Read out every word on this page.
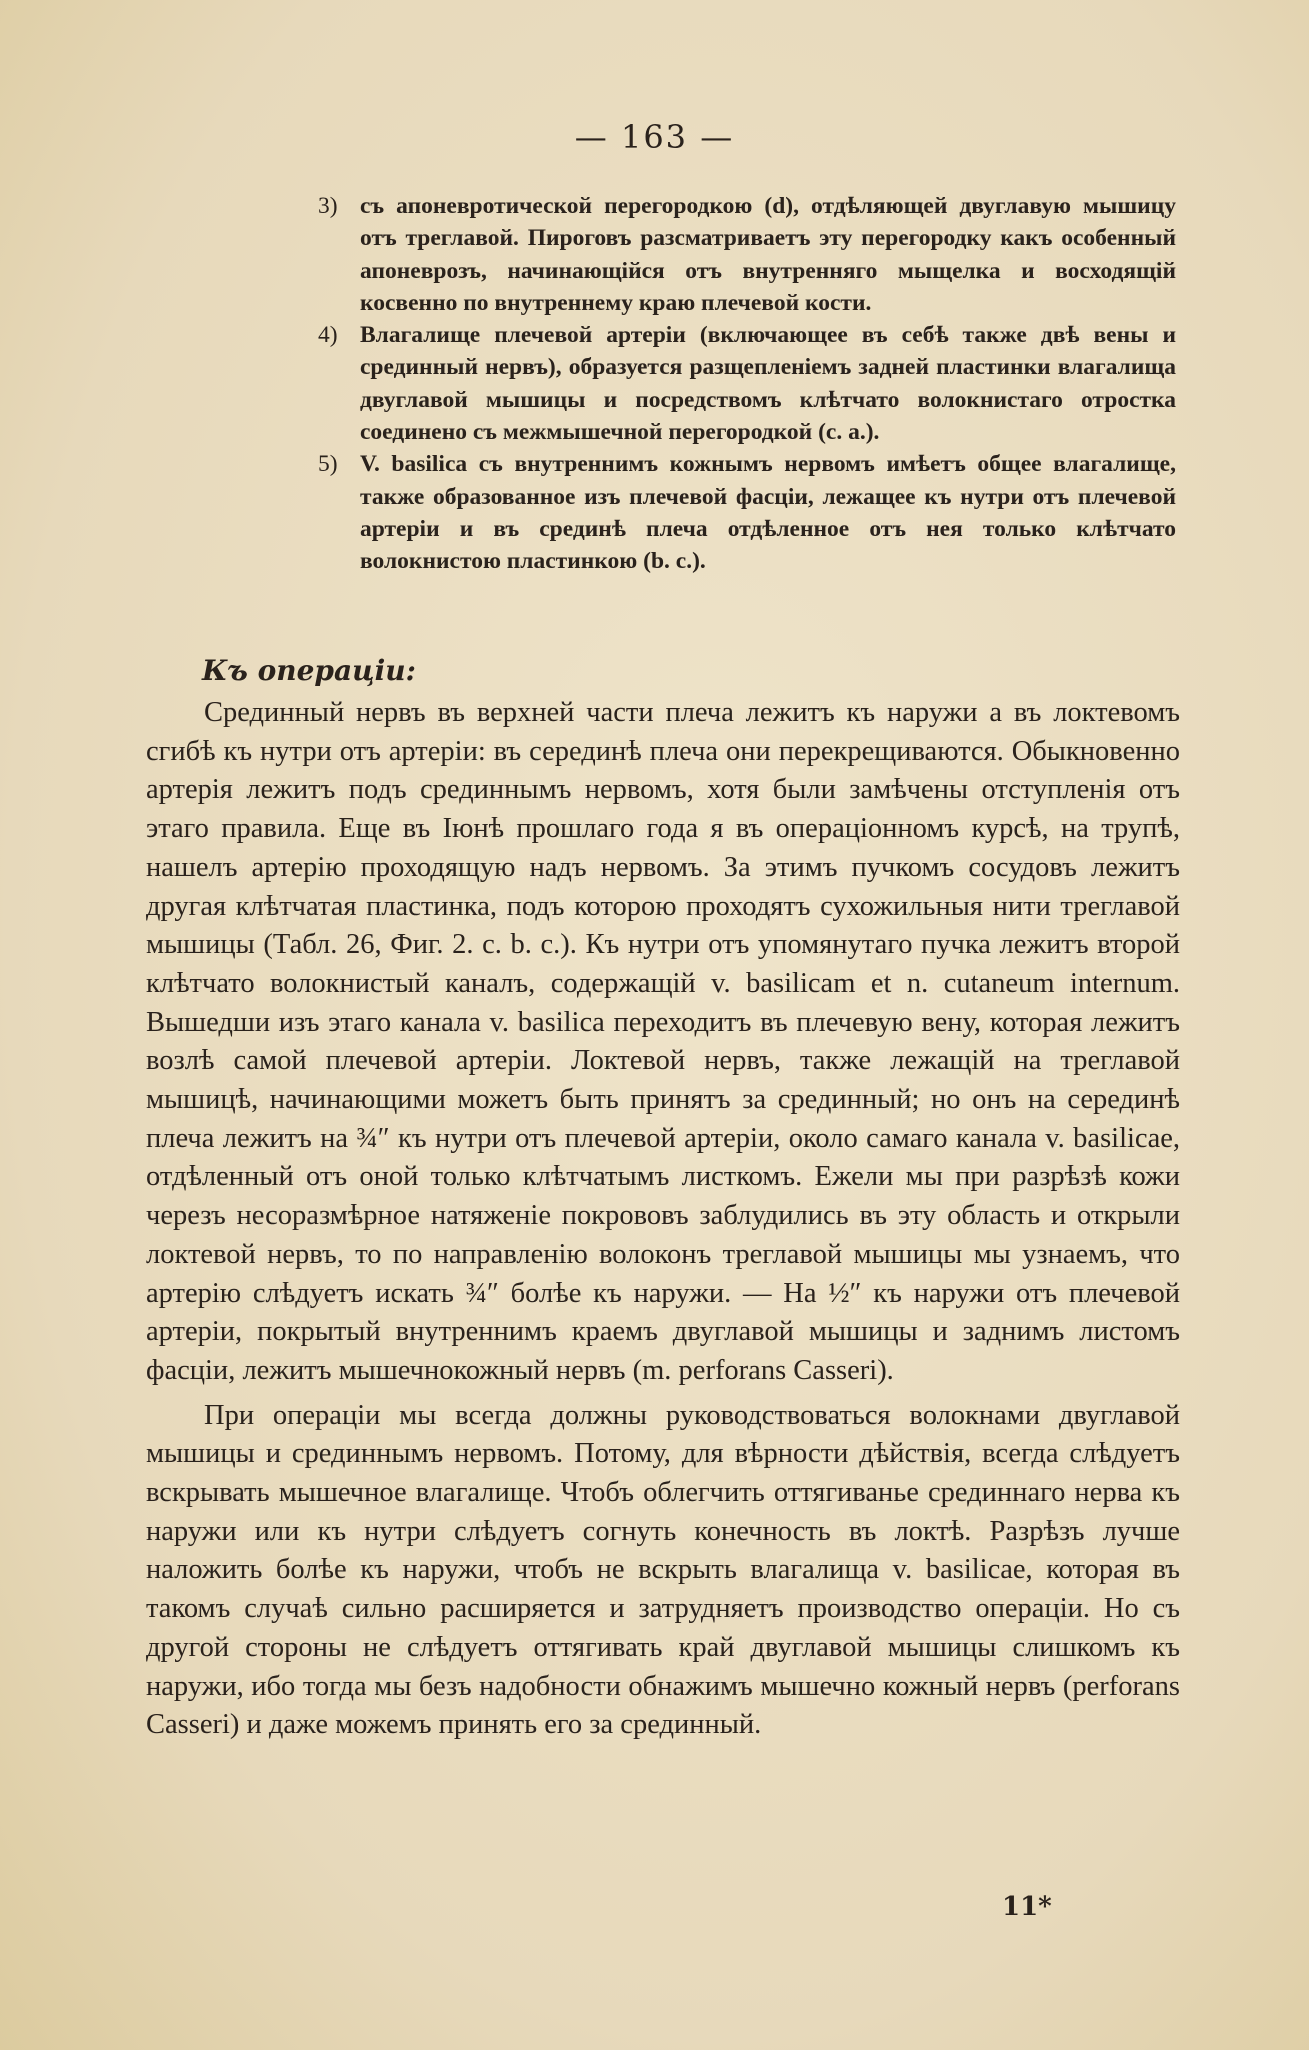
— 163 —
3) съ апоневротической перегородкою (d), отдѣляющей двуглавую мышицу отъ треглавой. Пироговъ разсматриваетъ эту перегородку какъ особенный апоневрозъ, начинающійся отъ внутренняго мыщелка и восходящій косвенно по внутреннему краю плечевой кости.

4) Влагалище плечевой артеріи (включающее въ себѣ также двѣ вены и срединный нервъ), образуется разщепленіемъ задней пластинки влагалища двуглавой мышицы и посредствомъ клѣтчато волокнистаго отростка соединено съ межмышечной перегородкой (с. а.).

5) V. basilica съ внутреннимъ кожнымъ нервомъ имѣетъ общее влагалище, также образованное изъ плечевой фасціи, лежащее къ нутри отъ плечевой артеріи и въ срединѣ плеча отдѣленное отъ нея только клѣтчато волокнистою пластинкою (b. c.).

Къ операціи:

Срединный нервъ въ верхней части плеча лежитъ къ наружи а въ локтевомъ сгибѣ къ нутри отъ артеріи: въ серединѣ плеча они перекрещиваются. Обыкновенно артерія лежитъ подъ срединнымъ нервомъ, хотя были замѣчены отступленія отъ этаго правила. Еще въ Іюнѣ прошлаго года я въ операціонномъ курсѣ, на трупѣ, нашелъ артерію проходящую надъ нервомъ. За этимъ пучкомъ сосудовъ лежитъ другая клѣтчатая пластинка, подъ которою проходятъ сухожильныя нити треглавой мышицы (Табл. 26, Фиг. 2. с. b. c.). Къ нутри отъ упомянутаго пучка лежитъ второй клѣтчато волокнистый каналъ, содержащій v. basilicam et n. cutaneum internum. Вышедши изъ этаго канала v. basilica переходитъ въ плечевую вену, которая лежитъ возлѣ самой плечевой артеріи. Локтевой нервъ, также лежащій на треглавой мышицѣ, начинающими можетъ быть принятъ за срединный; но онъ на серединѣ плеча лежитъ на ¾″ къ нутри отъ плечевой артеріи, около самаго канала v. basilicae, отдѣленный отъ оной только клѣтчатымъ листкомъ. Ежели мы при разрѣзѣ кожи черезъ несоразмѣрное натяженіе покрововъ заблудились въ эту область и открыли локтевой нервъ, то по направленію волоконъ треглавой мышицы мы узнаемъ, что артерію слѣдуетъ искать ¾″ болѣе къ наружи. — На ½″ къ наружи отъ плечевой артеріи, покрытый внутреннимъ краемъ двуглавой мышицы и заднимъ листомъ фасціи, лежитъ мышечнокожный нервъ (m. perforans Casseri).

При операціи мы всегда должны руководствоваться волокнами двуглавой мышицы и срединнымъ нервомъ. Потому, для вѣрности дѣйствія, всегда слѣдуетъ вскрывать мышечное влагалище. Чтобъ облегчить оттягиванье срединнаго нерва къ наружи или къ нутри слѣдуетъ согнуть конечность въ локтѣ. Разрѣзъ лучше наложить болѣе къ наружи, чтобъ не вскрыть влагалища v. basilicae, которая въ такомъ случаѣ сильно расширяется и затрудняетъ производство операціи. Но съ другой стороны не слѣдуетъ оттягивать край двуглавой мышицы слишкомъ къ наружи, ибо тогда мы безъ надобности обнажимъ мышечно кожный нервъ (perforans Casseri) и даже можемъ принять его за срединный.

11*
